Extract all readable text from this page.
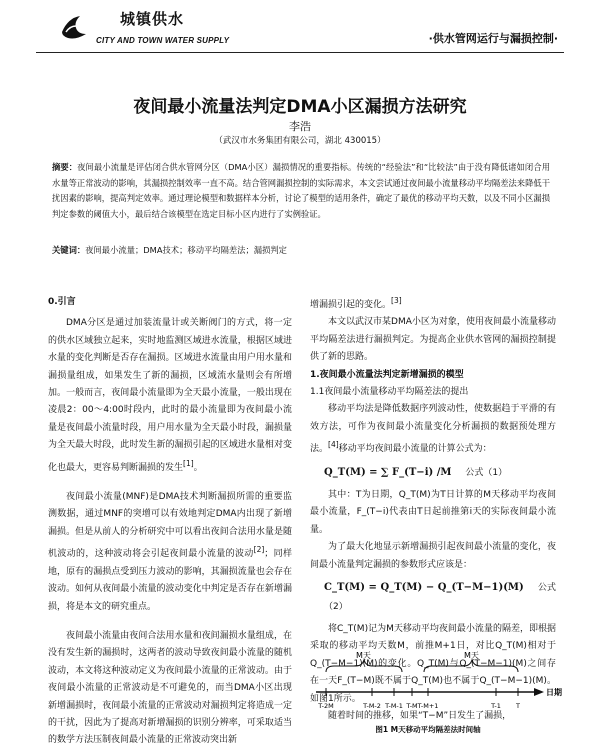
城镇供水
CITY AND TOWN WATER SUPPLY	·供水管网运行与漏损控制·
夜间最小流量法判定DMA小区漏损方法研究
李浩
（武汉市水务集团有限公司，湖北 430015）
摘要：夜间最小流量是评估闭合供水管网分区（DMA小区）漏损情况的重要指标。传统的“经验法”和“比较法”由于没有降低诸如闭合用水量等正常波动的影响，其漏损控制效率一直不高。结合管网漏损控制的实际需求，本文尝试通过夜间最小流量移动平均隔差法来降低干扰因素的影响，提高判定效率。通过理论模型和数据样本分析，讨论了模型的适用条件，确定了最优的移动平均天数，以及不同小区漏损判定参数的阈值大小，最后结合该模型在选定目标小区内进行了实例验证。
关键词：夜间最小流量；DMA技术；移动平均隔差法；漏损判定

0.引言

DMA分区是通过加装流量计或关断阀门的方式，将一定的供水区域独立起来，实时地监测区域进水流量，根据区域进水量的变化判断是否存在漏损。区域进水流量由用户用水量和漏损量组成，如果发生了新的漏损，区域流水量则会有所增加。一般而言，夜间最小流量即为全天最小流量，一般出现在凌晨2：00～4:00时段内，此时的最小流量即为夜间最小流量是夜间最小流量时段，用户用水量为全天最小时段，漏损量为全天最大时段，此时发生新的漏损引起的区域进水量相对变化也最大，更容易判断漏损的发生[1]。

夜间最小流量(MNF)是DMA技术判断漏损所需的重要监测数据，通过MNF的突增可以有效地判定DMA内出现了新增漏损。但是从前人的分析研究中可以看出夜间合法用水量是随机波动的，这种波动将会引起夜间最小流量的波动[2]；同样地，原有的漏损点受到压力波动的影响，其漏损流量也会存在波动。如何从夜间最小流量的波动变化中判定是否存在新增漏损，将是本文的研究重点。

夜间最小流量由夜间合法用水量和夜间漏损水量组成，在没有发生新的漏损时，这两者的波动导致夜间最小流量的随机波动，本文将这种波动定义为夜间最小流量的正常波动。由于夜间最小流量的正常波动是不可避免的，而当DMA小区出现新增漏损时，夜间最小流量的正常波动对漏损判定将造成一定的干扰，因此为了提高对新增漏损的识别分辨率，可采取适当的数学方法压制夜间最小流量的正常波动突出新

增漏损引起的变化。[3]

本文以武汉市某DMA小区为对象，使用夜间最小流量移动平均隔差法进行漏损判定。为提高企业供水管网的漏损控制提供了新的思路。

1.夜间最小流量法判定新增漏损的模型

1.1夜间最小流量移动平均隔差法的提出

移动平均法是降低数据序列波动性，使数据趋于平滑的有效方法，可作为夜间最小流量变化分析漏损的数据预处理方法。[4]移动平均夜间最小流量的计算公式为：

Q_T(M) = ∑ F_(T−i) /M 公式（1）

其中：T为日期，Q_T(M)为T日计算的M天移动平均夜间最小流量，F_(T−i)代表由T日起前推第i天的实际夜间最小流量。

为了最大化地显示新增漏损引起夜间最小流量的变化，夜间最小流量判定漏损的参数形式应该是：

C_T(M) = Q_T(M) − Q_(T−M−1)(M) 公式（2）

将C_T(M)记为M天移动平均夜间最小流量的隔差，即根据采取的移动平均天数M，前推M+1日，对比Q_T(M)相对于Q_(T−M−1)(M)的变化。Q_T(M)与Q_(T−M−1)(M)之间存在一天F_(T−M)既不属于Q_T(M)也不属于Q_(T−M−1)(M)。如图1所示。

随着时间的推移，如果“T−M”日发生了漏损，

M天	M天
日期
T-2M	T-M-2 T-M-1 T-M T-M+1	T-1 T
图1 M天移动平均隔差法时间轴
